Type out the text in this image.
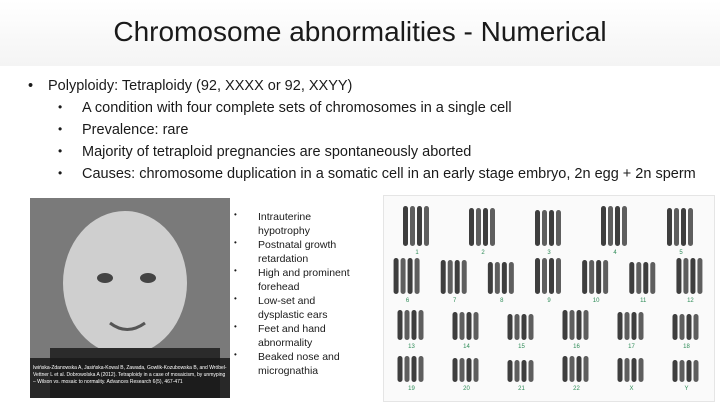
Chromosome abnormalities - Numerical
• Polyploidy: Tetraploidy (92, XXXX or 92, XXYY)
• A condition with four complete sets of chromosomes in a single cell
• Prevalence: rare
• Majority of tetraploid pregnancies are spontaneously aborted
• Causes: chromosome duplication in a somatic cell in an early stage embryo, 2n egg + 2n sperm
Iwińska-Zdanowska A, Jasińska-Kowal B, Zawada, Gowlik-Kozubowska B, and Wróbel-Vettner L et al. Dobrowolska A (2012). Tetraploidy in a case of mosaicism, by unmyping – Wilson vs. mosaic to normality. Advances Research 6(5), 467-471
• Intrauterine hypotrophy
• Postnatal growth retardation
• High and prominent forehead
• Low-set and dysplastic ears
• Feet and hand abnormality
• Beaked nose and micrognathia
1	2	3	4	5
6	7	8	9	10	11	12
13	14	15	16	17	18
19	20	21	22	X	Y
